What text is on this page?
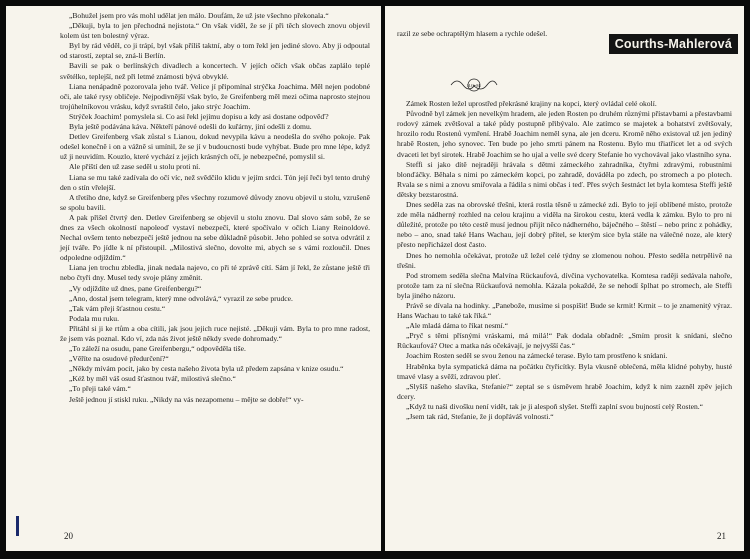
„Bohužel jsem pro vás mohl udělat jen málo. Doufám, že už jste všechno překonala.“

„Děkuji, byla to jen přechodná nejistota.“ On však viděl, že se jí při těch slovech znovu objevil kolem úst ten bolestný výraz.

Byl by rád věděl, co ji trápí, byl však příliš taktní, aby o tom řekl jen jediné slovo. Aby ji odpoutal od starostí, zeptal se, zná-li Berlín.

Bavili se pak o berlínských divadlech a koncertech. V jejích očích však občas zaplálo teplé světélko, teplejší, než při letmé známosti bývá obvyklé.

Liana nenápadně pozorovala jeho tvář. Velice jí připomínal strýčka Joachima. Měl nejen podobné oči, ale také rysy obličeje. Nejpodivnější však bylo, že Greifenberg měl mezi očima naprosto stejnou trojúhelníkovou vrásku, když svraštil čelo, jako strýc Joachim.

Strýček Joachim! pomyslela si. Co asi řekl jejímu dopisu a kdy asi dostane odpověď?

Byla ještě podávána káva. Někteří pánové odešli do kuřárny, jiní odešli z domu.

Detlev Greifenberg však zůstal s Lianou, dokud nevypila kávu a neodešla do svého pokoje. Pak odešel konečně i on a vážně si umínil, že se jí v budoucnosti bude vyhýbat. Bude pro mne lépe, když už ji neuvidím. Kouzlo, které vychází z jejích krásných očí, je nebezpečné, pomyslil si.

Ale příští den už zase seděl u stolu proti ní.

Liana se mu také zadívala do očí víc, než svědčilo klidu v jejím srdci. Tón její řeči byl tento druhý den o stín vřelejší.

A třetího dne, když se Greifenberg přes všechny rozumové důvody znovu objevil u stolu, vzrušeně se spolu bavili.

A pak přišel čtvrtý den. Detlev Greifenberg se objevil u stolu znovu. Dal slovo sám sobě, že se dnes za všech okolností napoleoď vystaví nebezpečí, které spočívalo v očích Liany Reinoldové. Nechal ovšem tento nebezpečí ještě jednou na sebe důkladně působit. Jeho pohled se sotva odvrátil z její tváře. Po jídle k ní přistoupil. „Milostivá slečno, dovolte mi, abych se s vámi rozloučil. Dnes odpoledne odjíždím.“

Liana jen trochu zbledla, jinak nedala najevo, co při té zprávě cítí. Sám jí řekl, že zůstane ještě tři nebo čtyři dny. Musel tedy svoje plány změnit.

„Vy odjíždíte už dnes, pane Greifenbergu?“

„Ano, dostal jsem telegram, který mne odvolává,“ vyrazil ze sebe prudce.

„Tak vám přeji šťastnou cestu.“

Podala mu ruku.

Přitáhl si ji ke rtům a oba cítili, jak jsou jejich ruce nejisté. „Děkuji vám. Byla to pro mne radost, že jsem vás poznal. Kdo ví, zda nás život ještě někdy svede dohromady.“

„To záleží na osudu, pane Greifenbergu,“ odpověděla tiše.

„Věříte na osudové předurčení?“

„Někdy mívám pocit, jako by cesta našeho života byla už předem zapsána v knize osudu.“

„Kéž by měl váš osud šťastnou tvář, milostivá slečno.“

„To přeji také vám.“

Ještě jednou jí stiskl ruku. „Nikdy na vás nezapomenu – mějte se dobře!“ vy-

20
Courths-Mahlerová
H.C.-M.

razil ze sebe ochraptělým hlasem a rychle odešel.

Zámek Rosten ležel uprostřed překrásné krajiny na kopci, který ovládal celé okolí.

Původně byl zámek jen nevelkým hradem, ale jeden Rosten po druhém různými přístavbami a přestavbami rodový zámek zvětšoval a také půdy postupně přibývalo. Ale zatímco se majetek a bohatství zvětšovaly, hrozilo rodu Rostenů vymření. Hrabě Joachim neměl syna, ale jen dceru. Kromě něho existoval už jen jediný hrabě Rosten, jeho synovec. Ten bude po jeho smrti pánem na Rostenu. Bylo mu třiatřicet let a od svých dvaceti let byl sirotek. Hrabě Joachim se ho ujal a velle své dcery Stefanie ho vychovával jako vlastního syna.

Steffi si jako dítě nejraději hrávala s dětmi zámeckého zahradníka, čtyřmi zdravými, robustními blonďáčky. Běhala s nimi po zámeckém kopci, po zahradě, dováděla po zdech, po stromech a po plotech. Rvala se s nimi a znovu smiřovala a řádila s nimi občas i teď. Přes svých šestnáct let byla komtesa Steffi ještě dětsky bezstarostná.

Dnes seděla zas na obrovské třešni, která rostla těsně u zámecké zdi. Bylo to její oblíbené místo, protože zde měla nádherný rozhled na celou krajinu a viděla na širokou cestu, která vedla k zámku. Bylo to pro ni důležité, protože po této cestě musí jednou přijít něco nádherného, báječného – štěstí – nebo princ z pohádky, nebo – ano, snad také Hans Wachau, její dobrý přítel, se kterým sice byla stále na válečné noze, ale který přesto nepřicházel dost často.

Dnes ho nemohla očekávat, protože už ležel celé týdny se zlomenou nohou. Přesto seděla netrpělivě na třešni.

Pod stromem seděla slečna Malvína Rückaufová, dívčina vychovatelka. Komtesa raději sedávala nahoře, protože tam za ní slečna Rückaufová nemohla. Kázala pokaždé, že se nehodí šplhat po stromech, ale Steffi byla jiného názoru.

Právě se dívala na hodinky. „Panebože, musíme si pospíšit! Bude se krmit! Krmit – to je znamenitý výraz. Hans Wachau to také tak říká.“

„Ale mladá dáma to říkat nesmí.“

„Pryč s těmi přísnými vráskami, má milá!“ Pak dodala obřadně: „Smím prosit k snídani, slečno Rückaufová? Otec a matka nás očekávají, je nejvyšší čas.“

Joachim Rosten seděl se svou ženou na zámecké terase. Bylo tam prostřeno k snídani.

Hraběnka byla sympatická dáma na počátku čtyřicítky. Byla vkusně oblečená, měla klidné pohyby, husté tmavé vlasy a svěží, zdravou pleť.

„Slyšíš našeho slavíka, Stefanie?“ zeptal se s úsměvem hrabě Joachim, když k nim zazněl zpěv jejich dcery.

„Když tu naši divošku není vidět, tak je ji alespoň slyšet. Steffi zaplní svou bujností celý Rosten.“

„Jsem tak rád, Stefanie, že ji dopřáváš volnosti.“

21
